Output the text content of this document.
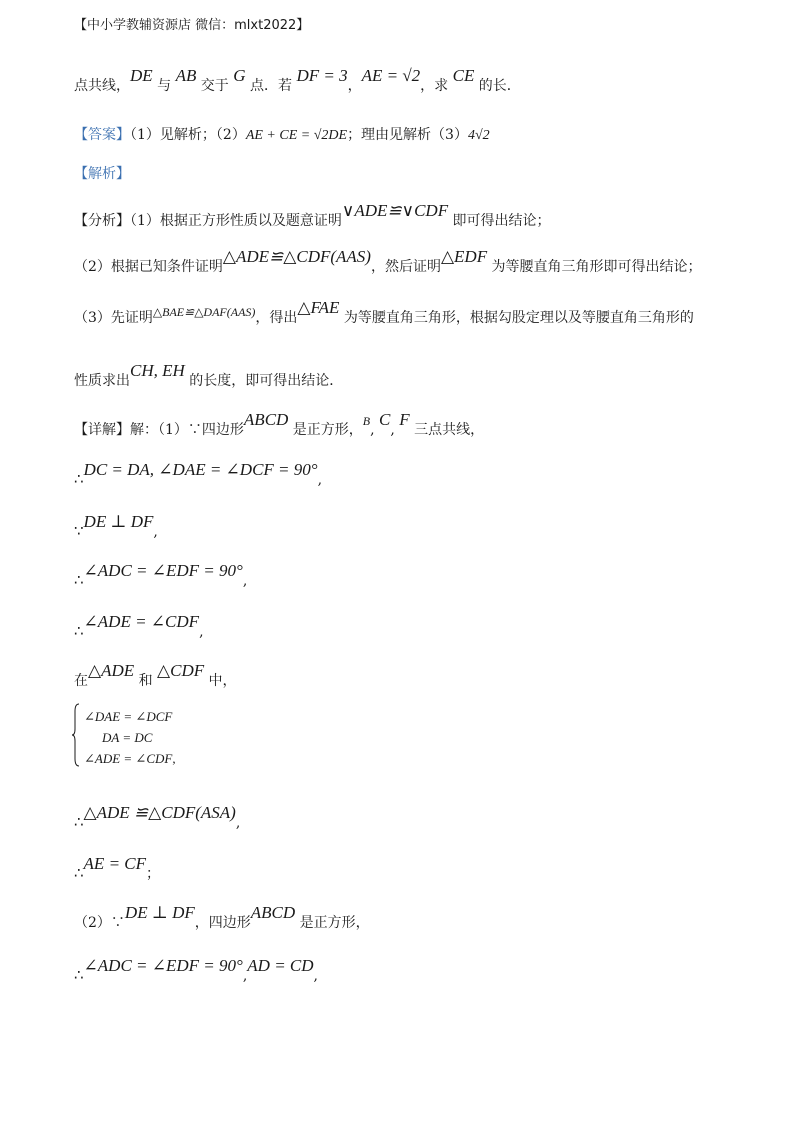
【中小学教辅资源店 微信：mlxt2022】
点共线，DE 与 AB 交于 G 点．若 DF = 3，AE = √2，求 CE 的长．
【答案】（1）见解析；（2）AE + CE = √2DE；理由见解析（3）4√2
【解析】
【分析】（1）根据正方形性质以及题意证明∨ADE≌∨CDF 即可得出结论；
（2）根据已知条件证明△ADE≌△CDF(AAS)，然后证明△EDF 为等腰直角三角形即可得出结论；
（3）先证明△BAE≌△DAF(AAS)，得出△FAE 为等腰直角三角形，根据勾股定理以及等腰直角三角形的
性质求出CH, EH 的长度，即可得出结论．
【详解】解：（1）∵四边形ABCD 是正方形，B, C, F 三点共线，
∴DC = DA, ∠DAE = ∠DCF = 90°,
∵DE ⊥ DF,
∴∠ADC = ∠EDF = 90°,
∴∠ADE = ∠CDF,
在△ADE 和 △CDF 中，
∠DAE = ∠DCF
DA = DC
∠ADE = ∠CDF,
∴△ADE ≌△CDF(ASA),
∴AE = CF；
（2）∵DE ⊥ DF，四边形ABCD 是正方形，
∴∠ADC = ∠EDF = 90°,AD = CD,
